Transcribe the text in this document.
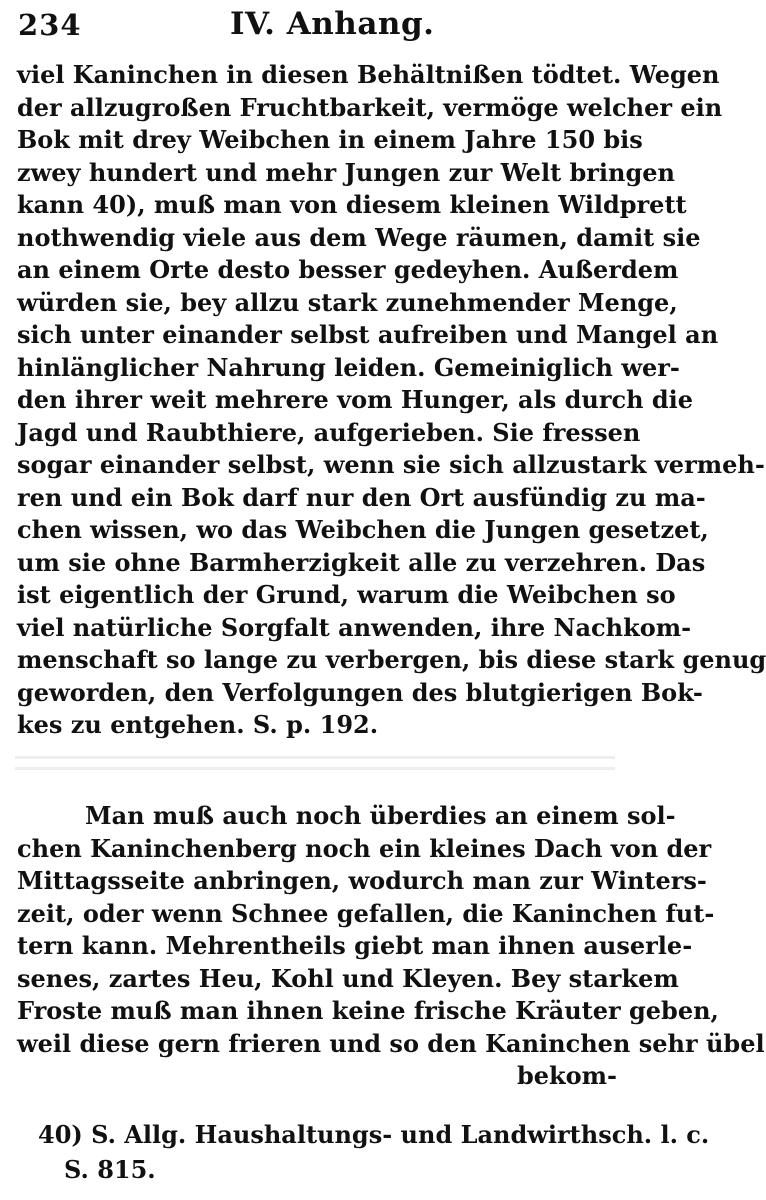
234	IV. Anhang.
viel Kaninchen in diesen Behältnißen tödtet. Wegen
der allzugroßen Fruchtbarkeit, vermöge welcher ein
Bok mit drey Weibchen in einem Jahre 150 bis
zwey hundert und mehr Jungen zur Welt bringen
kann 40), muß man von diesem kleinen Wildprett
nothwendig viele aus dem Wege räumen, damit sie
an einem Orte desto besser gedeyhen. Außerdem
würden sie, bey allzu stark zunehmender Menge,
sich unter einander selbst aufreiben und Mangel an
hinlänglicher Nahrung leiden. Gemeiniglich wer-
den ihrer weit mehrere vom Hunger, als durch die
Jagd und Raubthiere, aufgerieben. Sie fressen
sogar einander selbst, wenn sie sich allzustark vermeh-
ren und ein Bok darf nur den Ort ausfündig zu ma-
chen wissen, wo das Weibchen die Jungen gesetzet,
um sie ohne Barmherzigkeit alle zu verzehren. Das
ist eigentlich der Grund, warum die Weibchen so
viel natürliche Sorgfalt anwenden, ihre Nachkom-
menschaft so lange zu verbergen, bis diese stark genug
geworden, den Verfolgungen des blutgierigen Bok-
kes zu entgehen. S. p. 192.
Man muß auch noch überdies an einem sol-
chen Kaninchenberg noch ein kleines Dach von der
Mittagsseite anbringen, wodurch man zur Winters-
zeit, oder wenn Schnee gefallen, die Kaninchen fut-
tern kann. Mehrentheils giebt man ihnen auserle-
senes, zartes Heu, Kohl und Kleyen. Bey starkem
Froste muß man ihnen keine frische Kräuter geben,
weil diese gern frieren und so den Kaninchen sehr übel
bekom-
40) S. Allg. Haushaltungs- und Landwirthsch. l. c.
S. 815.
